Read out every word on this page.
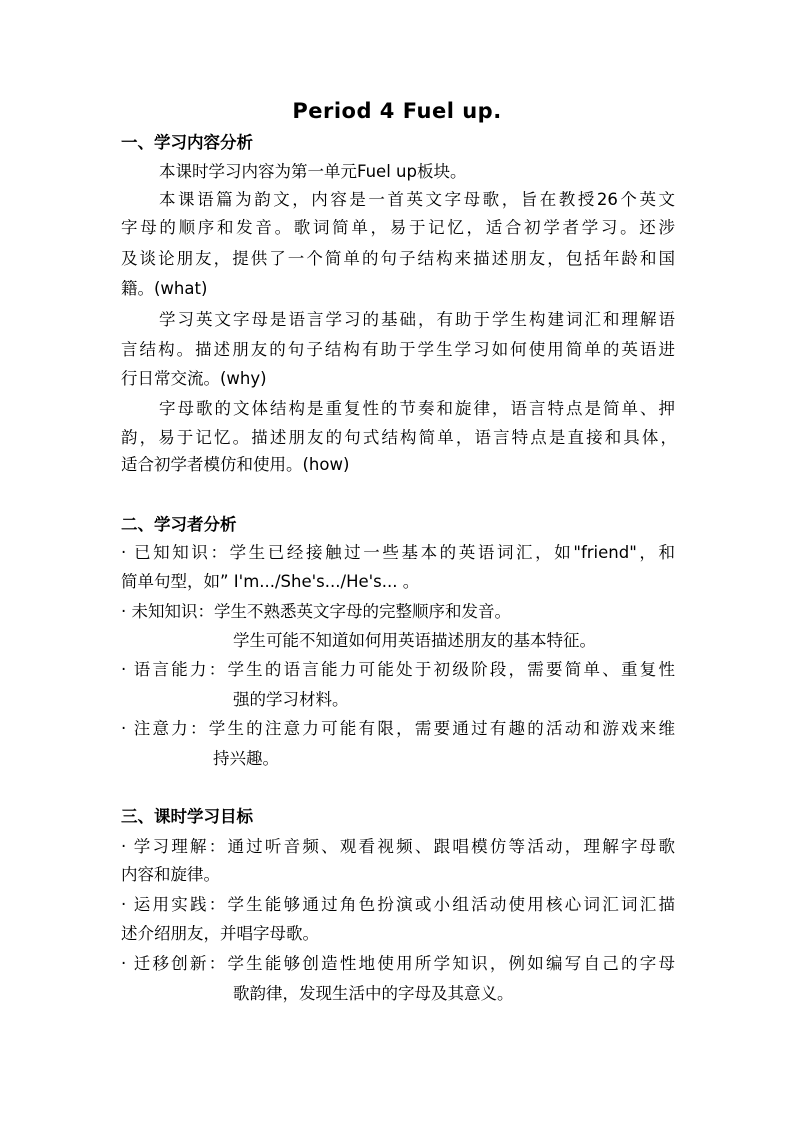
Period 4 Fuel up.
一、学习内容分析
本课时学习内容为第一单元Fuel up板块。
本课语篇为韵文，内容是一首英文字母歌，旨在教授26个英文
字母的顺序和发音。歌词简单，易于记忆，适合初学者学习。还涉
及谈论朋友，提供了一个简单的句子结构来描述朋友，包括年龄和国
籍。(what)
学习英文字母是语言学习的基础，有助于学生构建词汇和理解语
言结构。描述朋友的句子结构有助于学生学习如何使用简单的英语进
行日常交流。(why)
字母歌的文体结构是重复性的节奏和旋律，语言特点是简单、押
韵，易于记忆。描述朋友的句式结构简单，语言特点是直接和具体，
适合初学者模仿和使用。(how)
二、学习者分析
· 已知知识：学生已经接触过一些基本的英语词汇，如"friend"，和
简单句型，如” I'm.../She's.../He's... 。
· 未知知识：学生不熟悉英文字母的完整顺序和发音。
学生可能不知道如何用英语描述朋友的基本特征。
· 语言能力：学生的语言能力可能处于初级阶段，需要简单、重复性
强的学习材料。
· 注意力：学生的注意力可能有限，需要通过有趣的活动和游戏来维
持兴趣。
三、课时学习目标
· 学习理解：通过听音频、观看视频、跟唱模仿等活动，理解字母歌
内容和旋律。
· 运用实践：学生能够通过角色扮演或小组活动使用核心词汇词汇描
述介绍朋友，并唱字母歌。
· 迁移创新：学生能够创造性地使用所学知识，例如编写自己的字母
歌韵律，发现生活中的字母及其意义。
